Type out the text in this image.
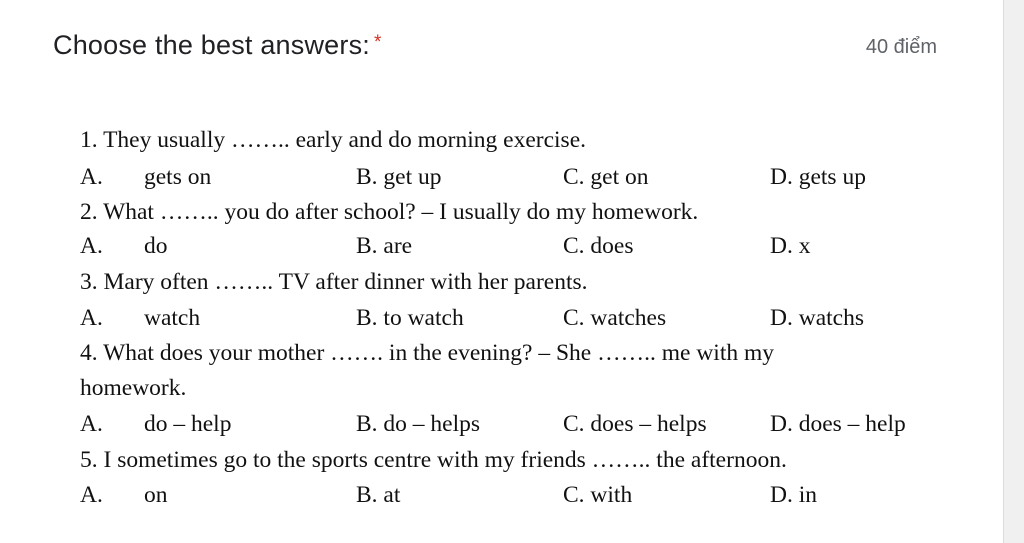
Choose the best answers: *	40 điểm
1. They usually …….. early and do morning exercise.
A. gets on	B. get up	C. get on	D. gets up
2. What …….. you do after school? – I usually do my homework.
A. do	B. are	C. does	D. x
3. Mary often …….. TV after dinner with her parents.
A. watch	B. to watch	C. watches	D. watchs
4. What does your mother ……. in the evening? – She …….. me with my
homework.
A. do – help	B. do – helps	C. does – helps	D. does – help
5. I sometimes go to the sports centre with my friends …….. the afternoon.
A. on	B. at	C. with	D. in
